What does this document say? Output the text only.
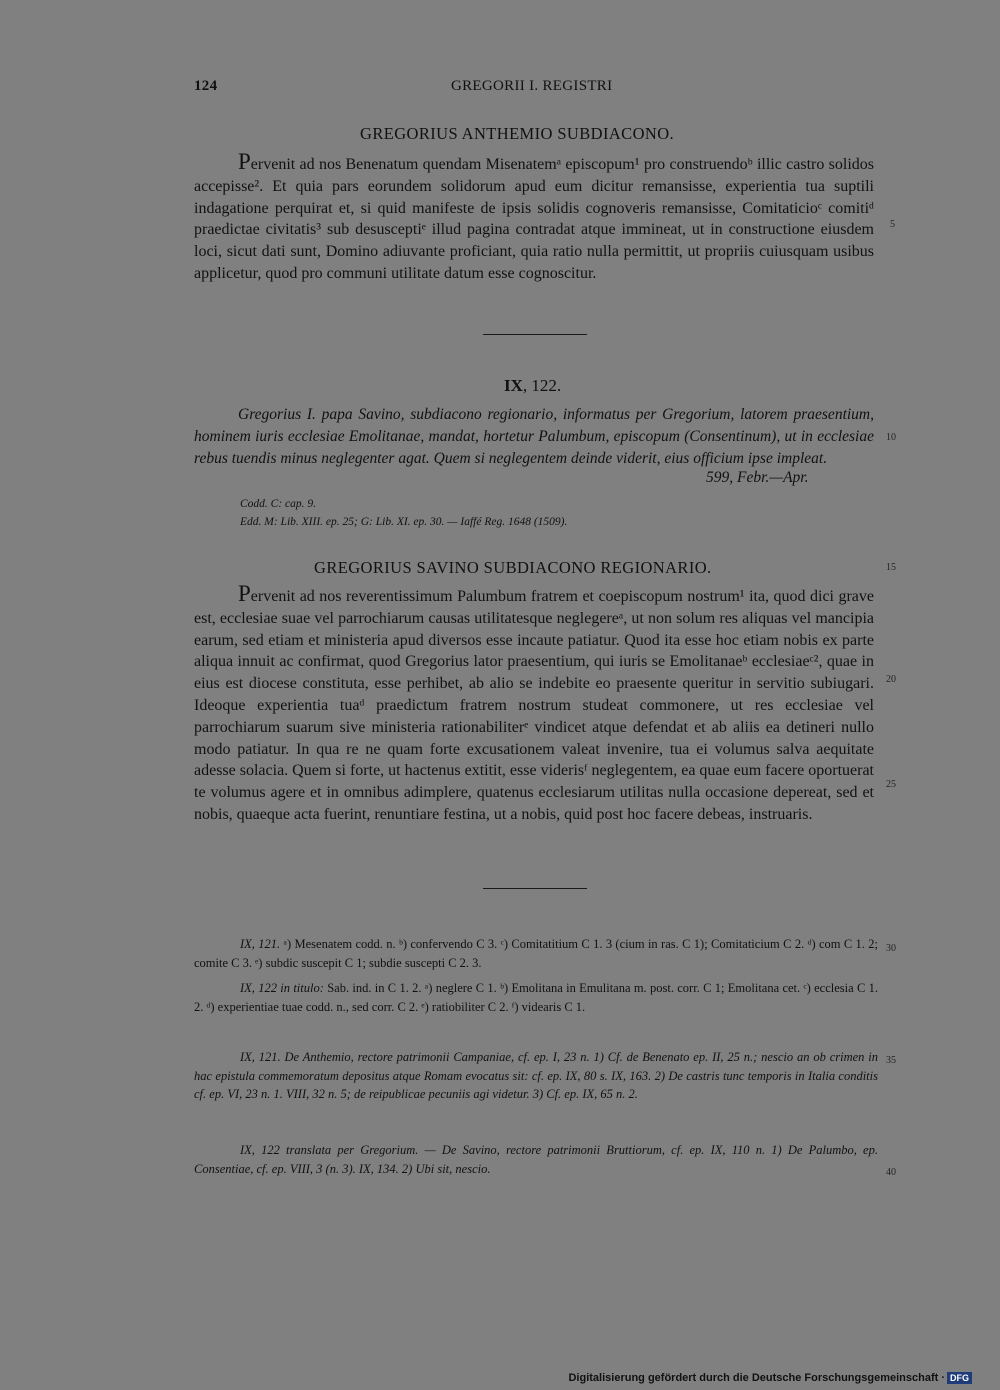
124	GREGORII I. REGISTRI
GREGORIUS ANTHEMIO SUBDIACONO.
Pervenit ad nos Benenatum quendam Misenatemᵃ episcopum¹ pro construendoᵇ illic castro solidos accepisse². Et quia pars eorundem solidorum apud eum dicitur remansisse, experientia tua suptili indagatione perquirat et, si quid manifeste de ipsis solidis cognoveris remansisse, Comitaticioᶜ comitiᵈ praedictae civitatis³ sub desusceptiᵉ illud pagina contradat atque immineat, ut in constructione eiusdem loci, sicut dati sunt, Domino adiuvante proficiant, quia ratio nulla permittit, ut propriis cuiusquam usibus applicetur, quod pro communi utilitate datum esse cognoscitur.
IX, 122.
Gregorius I. papa Savino, subdiacono regionario, informatus per Gregorium, latorem praesentium, hominem iuris ecclesiae Emolitanae, mandat, hortetur Palumbum, episcopum (Consentinum), ut in ecclesiae rebus tuendis minus neglegenter agat. Quem si neglegentem deinde viderit, eius officium ipse impleat.
599, Febr.—Apr.
Codd. C: cap. 9.
Edd. M: Lib. XIII. ep. 25; G: Lib. XI. ep. 30. — Iaffé Reg. 1648 (1509).
GREGORIUS SAVINO SUBDIACONO REGIONARIO.
Pervenit ad nos reverentissimum Palumbum fratrem et coepiscopum nostrum¹ ita, quod dici grave est, ecclesiae suae vel parrochiarum causas utilitatesque neglegereᵃ, ut non solum res aliquas vel mancipia earum, sed etiam et ministeria apud diversos esse incaute patiatur. Quod ita esse hoc etiam nobis ex parte aliqua innuit ac confirmat, quod Gregorius lator praesentium, qui iuris se Emolitanaeᵇ ecclesiaeᶜ², quae in eius est diocese constituta, esse perhibet, ab alio se indebite eo praesente queritur in servitio subiugari. Ideoque experientia tuaᵈ praedictum fratrem nostrum studeat commonere, ut res ecclesiae vel parrochiarum suarum sive ministeria rationabiliterᵉ vindicet atque defendat et ab aliis ea detineri nullo modo patiatur. In qua re ne quam forte excusationem valeat invenire, tua ei volumus salva aequitate adesse solacia. Quem si forte, ut hactenus extitit, esse viderisᶠ neglegentem, ea quae eum facere oportuerat te volumus agere et in omnibus adimplere, quatenus ecclesiarum utilitas nulla occasione depereat, sed et nobis, quaeque acta fuerint, renuntiare festina, ut a nobis, quid post hoc facere debeas, instruaris.
IX, 121. ᵃ) Mesenatem codd. n. ᵇ) confervendo C 3. ᶜ) Comitatitium C 1. 3 (cium in ras. C 1); Comitaticium C 2. ᵈ) com C 1. 2; comite C 3. ᵉ) subdic suscepit C 1; subdie suscepti C 2. 3.
IX, 122 in titulo: Sab. ind. in C 1. 2. ᵃ) neglere C 1. ᵇ) Emolitana in Emulitana m. post. corr. C 1; Emolitana cet. ᶜ) ecclesia C 1. 2. ᵈ) experientiae tuae codd. n., sed corr. C 2. ᵉ) ratiobiliter C 2. ᶠ) videaris C 1.
IX, 121. De Anthemio, rectore patrimonii Campaniae, cf. ep. I, 23 n. 1) Cf. de Benenato ep. II, 25 n.; nescio an ob crimen in hac epistula commemoratum depositus atque Romam evocatus sit: cf. ep. IX, 80 s. IX, 163. 2) De castris tunc temporis in Italia conditis cf. ep. VI, 23 n. 1. VIII, 32 n. 5; de reipublicae pecuniis agi videtur. 3) Cf. ep. IX, 65 n. 2.
IX, 122 translata per Gregorium. — De Savino, rectore patrimonii Bruttiorum, cf. ep. IX, 110 n. 1) De Palumbo, ep. Consentiae, cf. ep. VIII, 3 (n. 3). IX, 134. 2) Ubi sit, nescio.
5
10
15
20
25
30
35
40
Digitalisierung gefördert durch die Deutsche Forschungsgemeinschaft · DFG
